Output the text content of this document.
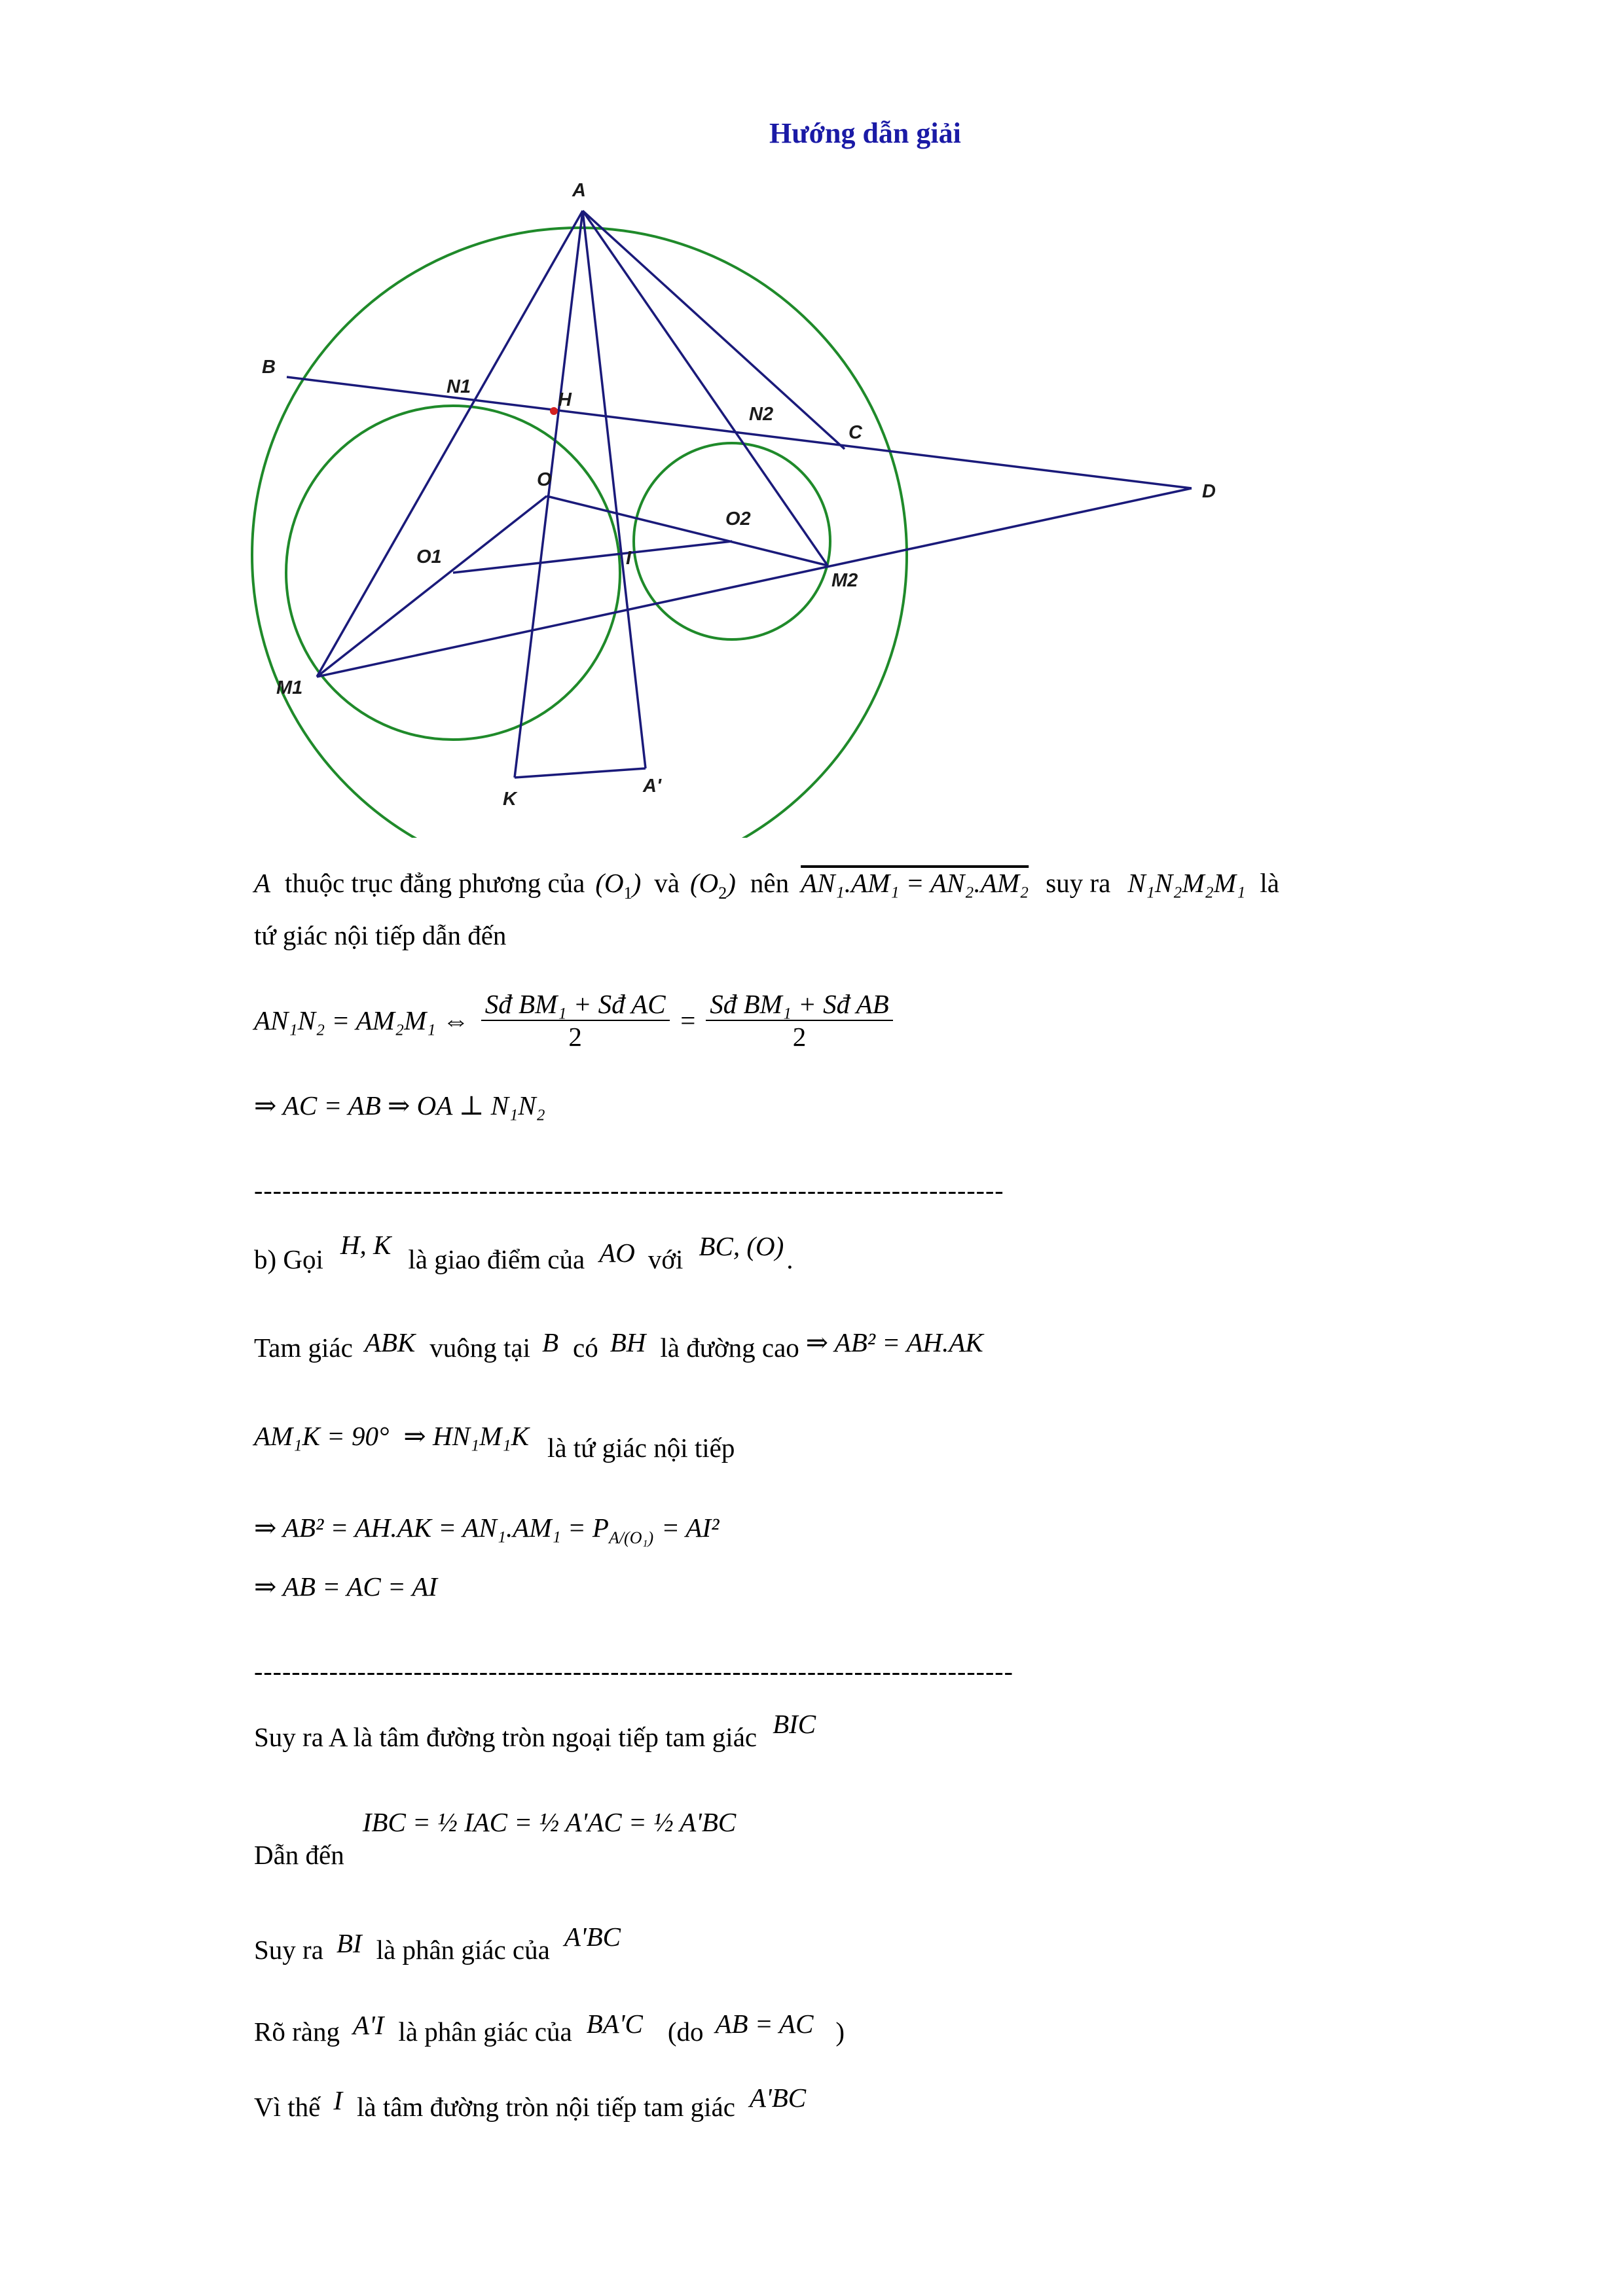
Hướng dẫn giải
A
B
C
D
H
O
N1
N2
O1
O2
I
M1
M2
K
A'
A thuộc trục đẳng phương của $(O_1)$ và $(O_2)$ nên AN₁.AM₁ = AN₂.AM₂ suy ra N₁N₂M₂M₁ là
tứ giác nội tiếp dẫn đến
AN₁N₂ = AM₂M₁ ⇔ $\frac{\text{Sđ BM₁ + Sđ AC}}{2} = \frac{\text{Sđ BM₁ + Sđ AB}}{2}$
⇒ AC = AB ⇒ OA ⊥ N₁N₂
--------------------------------------------------------------------------------
b) Gọi H, K là giao điểm của AO với BC, (O) .
Tam giác ABK vuông tại B có BH là đường cao ⇒ AB² = AH.AK
AM₁K = 90° ⇒ HN₁M₁K là tứ giác nội tiếp
⇒ AB² = AH.AK = AN₁.AM₁ = PA/(O₁) = AI²
⇒ AB = AC = AI
---------------------------------------------------------------------------------
Suy ra A là tâm đường tròn ngoại tiếp tam giác BIC
Dẫn đến IBC = ½ IAC = ½ A'AC = ½ A'BC
Suy ra BI là phân giác của A'BC
Rõ ràng A'I là phân giác của BA'C (do AB = AC )
Vì thế I là tâm đường tròn nội tiếp tam giác A'BC
